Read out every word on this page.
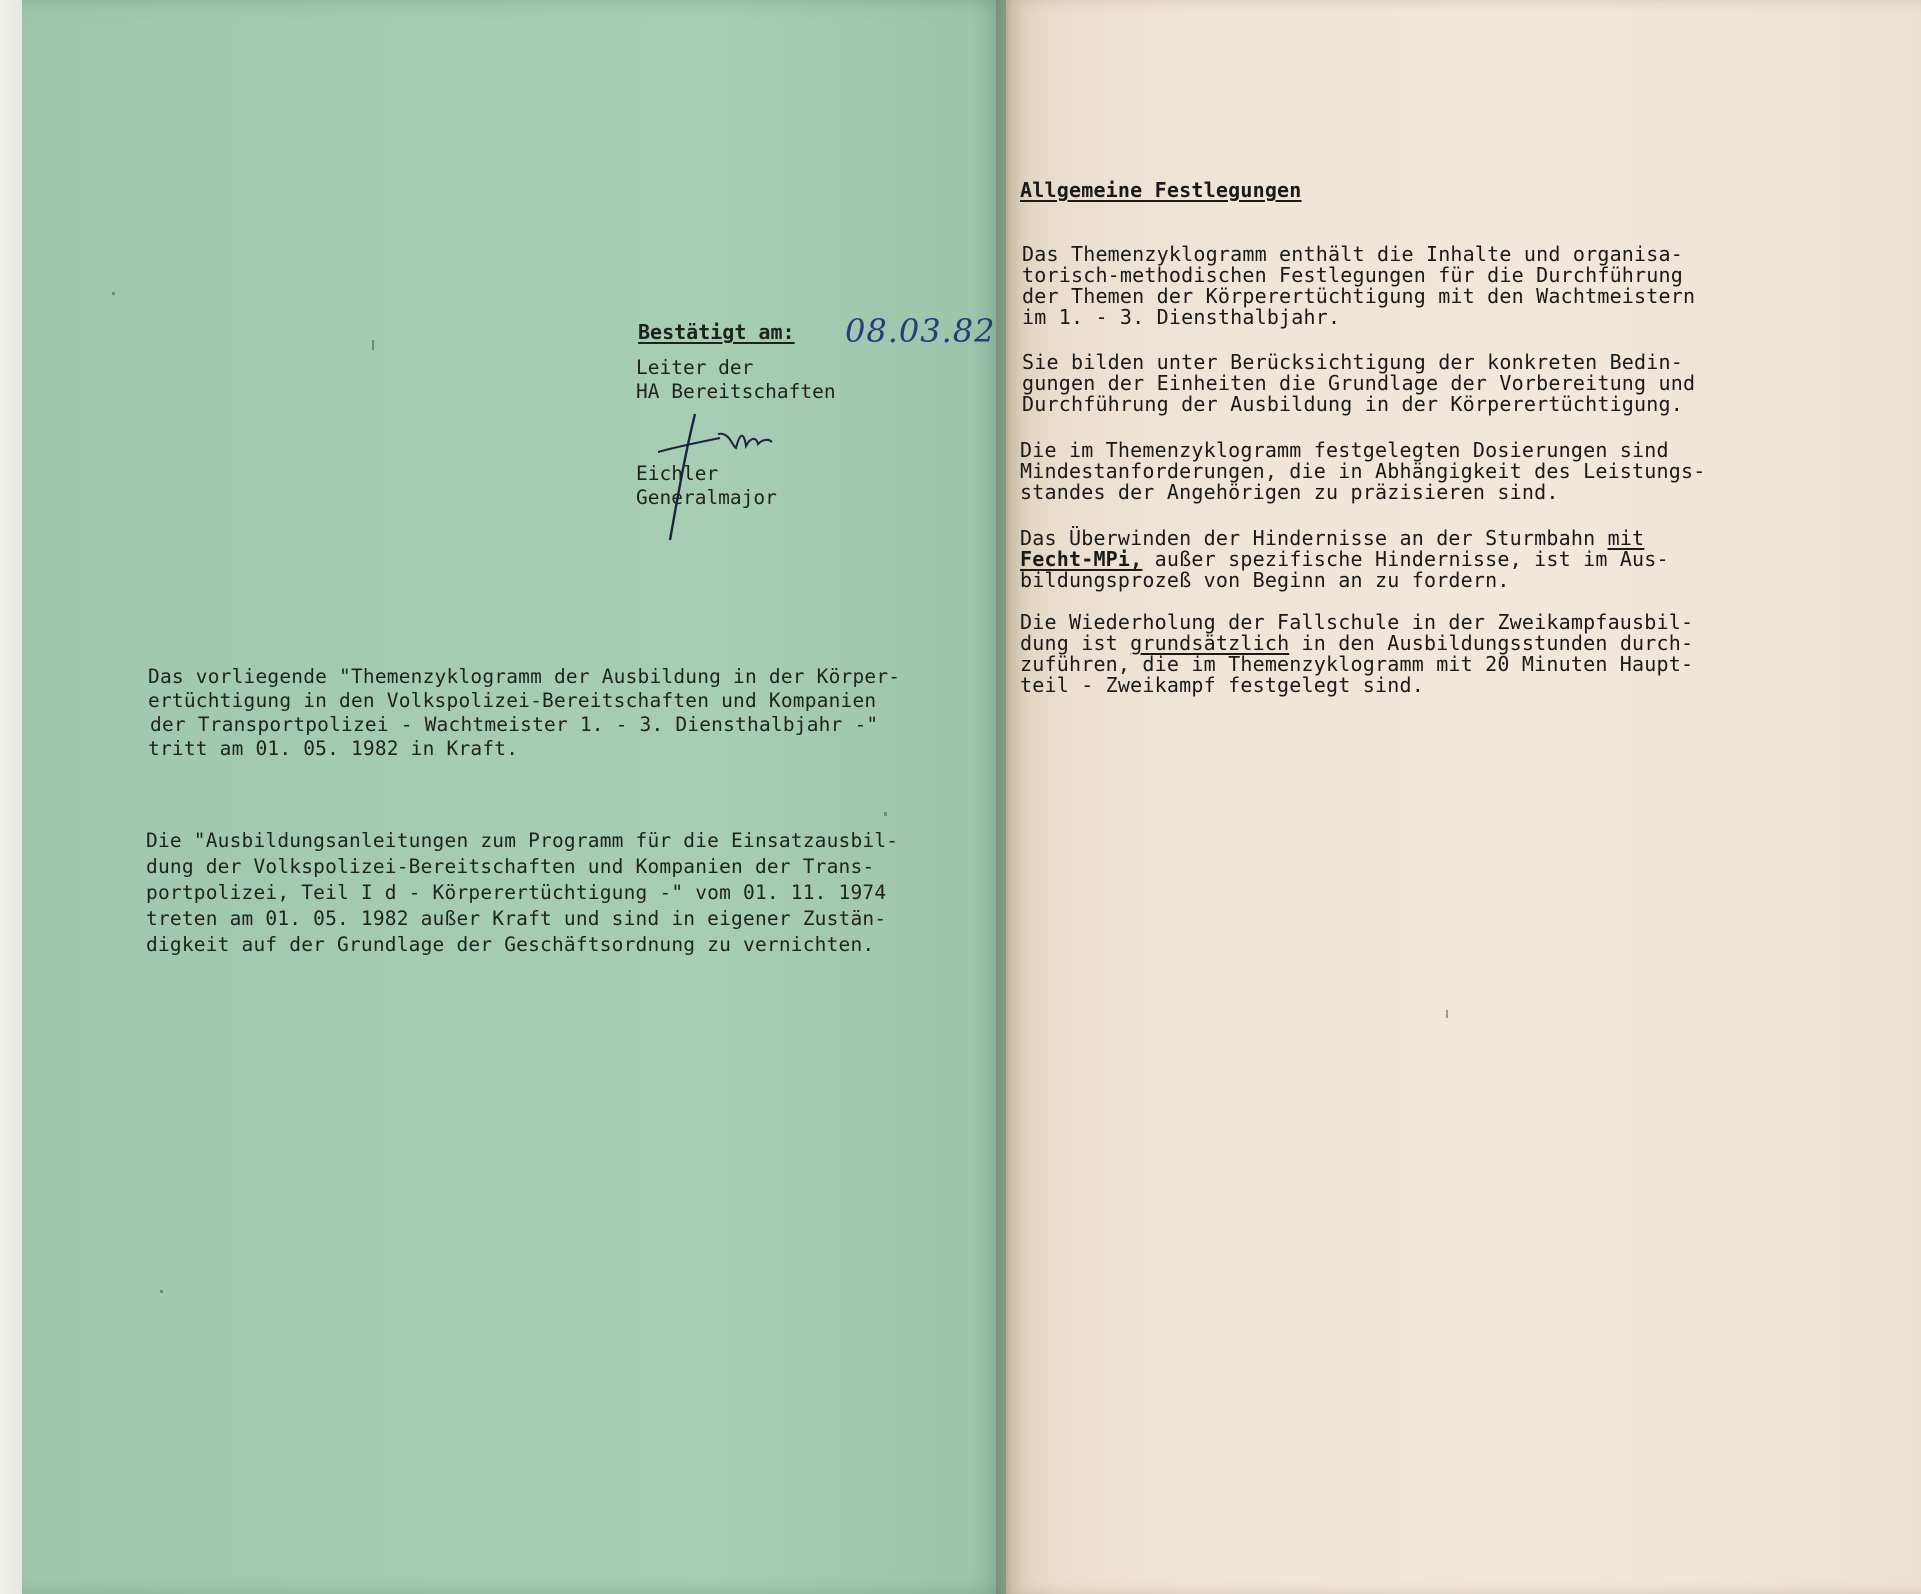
Bestätigt am: 08.03.82
Leiter der
HA Bereitschaften
Eichler
Generalmajor
Das vorliegende "Themenzyklogramm der Ausbildung in der Körper-
ertüchtigung in den Volkspolizei-Bereitschaften und Kompanien
der Transportpolizei - Wachtmeister 1. - 3. Diensthalbjahr -"
tritt am 01. 05. 1982 in Kraft.
Die "Ausbildungsanleitungen zum Programm für die Einsatzausbil-
dung der Volkspolizei-Bereitschaften und Kompanien der Trans-
portpolizei, Teil I d - Körperertüchtigung -" vom 01. 11. 1974
treten am 01. 05. 1982 außer Kraft und sind in eigener Zustän-
digkeit auf der Grundlage der Geschäftsordnung zu vernichten.
Allgemeine Festlegungen
Das Themenzyklogramm enthält die Inhalte und organisa-
torisch-methodischen Festlegungen für die Durchführung
der Themen der Körperertüchtigung mit den Wachtmeistern
im 1. - 3. Diensthalbjahr.
Sie bilden unter Berücksichtigung der konkreten Bedin-
gungen der Einheiten die Grundlage der Vorbereitung und
Durchführung der Ausbildung in der Körperertüchtigung.
Die im Themenzyklogramm festgelegten Dosierungen sind
Mindestanforderungen, die in Abhängigkeit des Leistungs-
standes der Angehörigen zu präzisieren sind.
Das Überwinden der Hindernisse an der Sturmbahn mit
Fecht-MPi, außer spezifische Hindernisse, ist im Aus-
bildungsprozeß von Beginn an zu fordern.
Die Wiederholung der Fallschule in der Zweikampfausbil-
dung ist grundsätzlich in den Ausbildungsstunden durch-
zuführen, die im Themenzyklogramm mit 20 Minuten Haupt-
teil - Zweikampf festgelegt sind.
